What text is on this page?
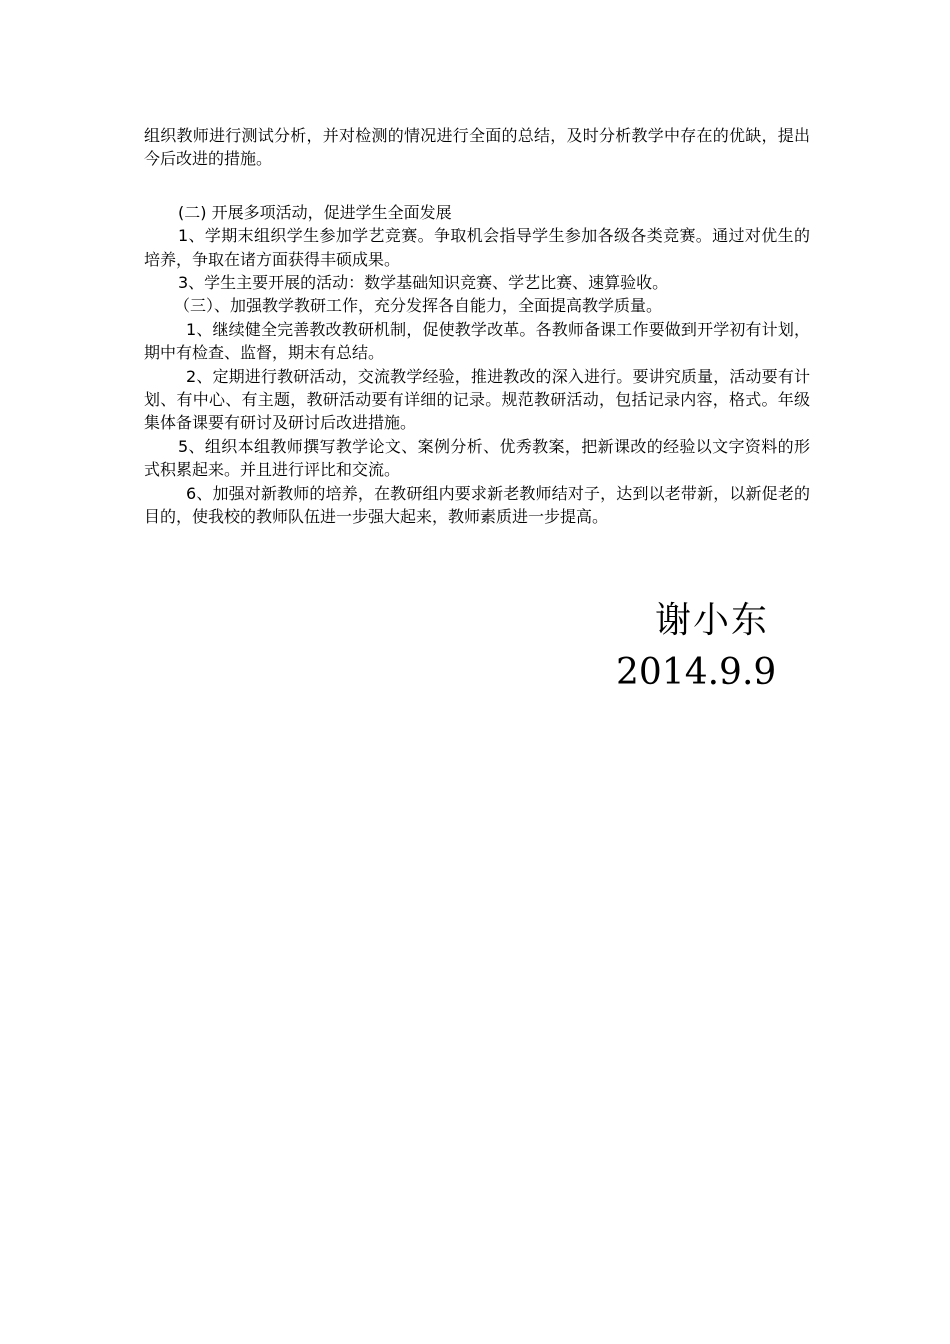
组织教师进行测试分析，并对检测的情况进行全面的总结，及时分析教学中存在的优缺，提出今后改进的措施。

(二) 开展多项活动，促进学生全面发展

1、学期末组织学生参加学艺竞赛。争取机会指导学生参加各级各类竞赛。通过对优生的培养，争取在诸方面获得丰硕成果。

3、学生主要开展的活动：数学基础知识竞赛、学艺比赛、速算验收。

（三）、加强教学教研工作，充分发挥各自能力，全面提高教学质量。

1、继续健全完善教改教研机制，促使教学改革。各教师备课工作要做到开学初有计划，期中有检查、监督，期末有总结。

2、定期进行教研活动，交流教学经验，推进教改的深入进行。要讲究质量，活动要有计划、有中心、有主题，教研活动要有详细的记录。规范教研活动，包括记录内容，格式。年级集体备课要有研讨及研讨后改进措施。

5、组织本组教师撰写教学论文、案例分析、优秀教案，把新课改的经验以文字资料的形式积累起来。并且进行评比和交流。

6、加强对新教师的培养，在教研组内要求新老教师结对子，达到以老带新，以新促老的目的，使我校的教师队伍进一步强大起来，教师素质进一步提高。

谢小东
2014.9.9
